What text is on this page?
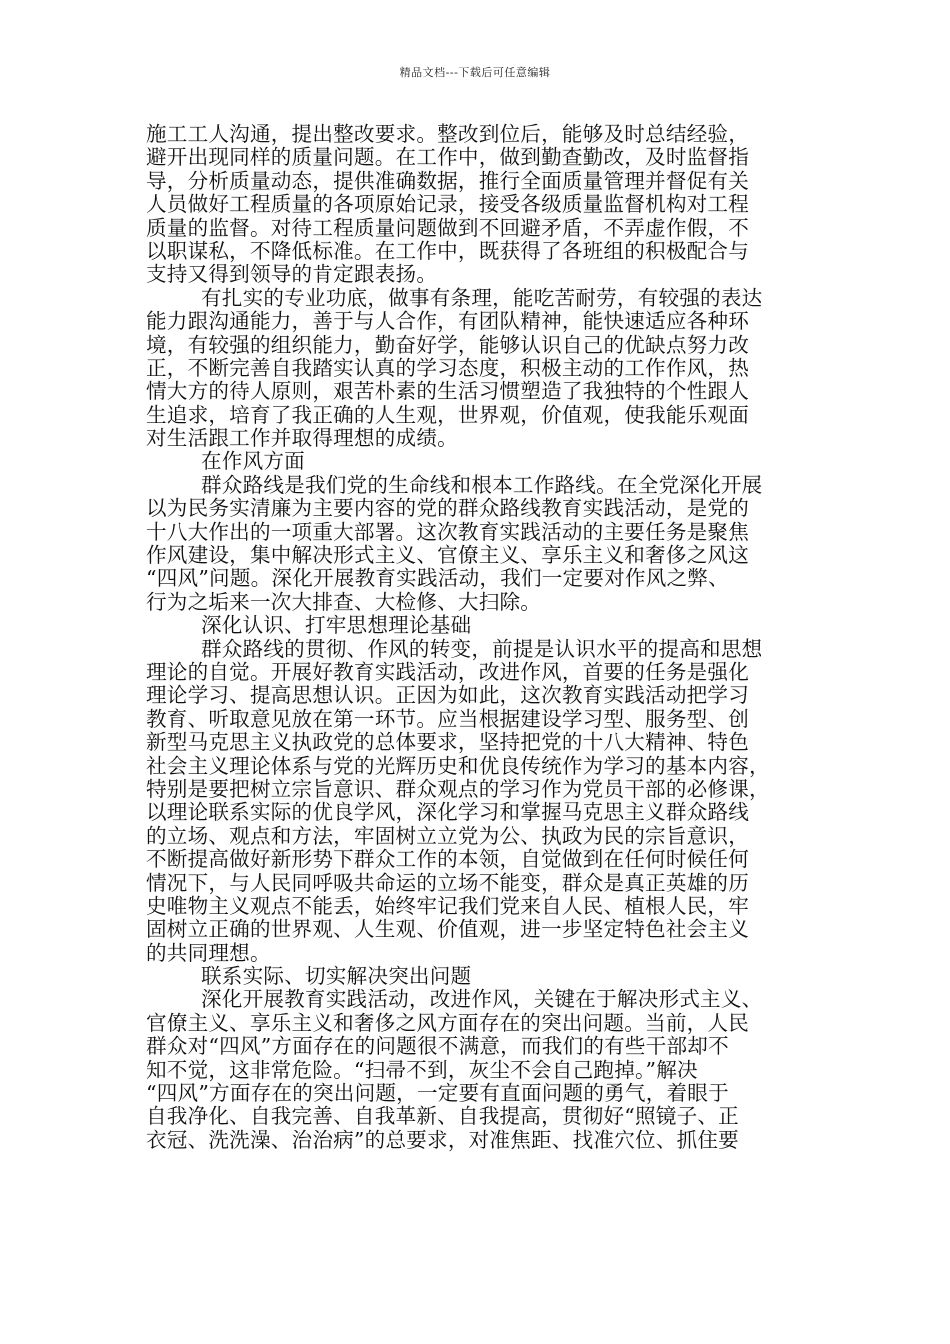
精品文档---下载后可任意编辑
施工工人沟通，提出整改要求。整改到位后，能够及时总结经验，
避开出现同样的质量问题。在工作中，做到勤查勤改，及时监督指
导，分析质量动态，提供准确数据，推行全面质量管理并督促有关
人员做好工程质量的各项原始记录，接受各级质量监督机构对工程
质量的监督。对待工程质量问题做到不回避矛盾，不弄虚作假，不
以职谋私，不降低标准。在工作中，既获得了各班组的积极配合与
支持又得到领导的肯定跟表扬。
有扎实的专业功底，做事有条理，能吃苦耐劳，有较强的表达
能力跟沟通能力，善于与人合作，有团队精神，能快速适应各种环
境，有较强的组织能力，勤奋好学，能够认识自己的优缺点努力改
正，不断完善自我踏实认真的学习态度，积极主动的工作作风，热
情大方的待人原则，艰苦朴素的生活习惯塑造了我独特的个性跟人
生追求，培育了我正确的人生观，世界观，价值观，使我能乐观面
对生活跟工作并取得理想的成绩。
在作风方面
群众路线是我们党的生命线和根本工作路线。在全党深化开展
以为民务实清廉为主要内容的党的群众路线教育实践活动，是党的
十八大作出的一项重大部署。这次教育实践活动的主要任务是聚焦
作风建设，集中解决形式主义、官僚主义、享乐主义和奢侈之风这
“四风”问题。深化开展教育实践活动，我们一定要对作风之弊、
行为之垢来一次大排查、大检修、大扫除。
深化认识、打牢思想理论基础
群众路线的贯彻、作风的转变，前提是认识水平的提高和思想
理论的自觉。开展好教育实践活动，改进作风，首要的任务是强化
理论学习、提高思想认识。正因为如此，这次教育实践活动把学习
教育、听取意见放在第一环节。应当根据建设学习型、服务型、创
新型马克思主义执政党的总体要求，坚持把党的十八大精神、特色
社会主义理论体系与党的光辉历史和优良传统作为学习的基本内容，
特别是要把树立宗旨意识、群众观点的学习作为党员干部的必修课，
以理论联系实际的优良学风，深化学习和掌握马克思主义群众路线
的立场、观点和方法，牢固树立立党为公、执政为民的宗旨意识，
不断提高做好新形势下群众工作的本领，自觉做到在任何时候任何
情况下，与人民同呼吸共命运的立场不能变，群众是真正英雄的历
史唯物主义观点不能丢，始终牢记我们党来自人民、植根人民，牢
固树立正确的世界观、人生观、价值观，进一步坚定特色社会主义
的共同理想。
联系实际、切实解决突出问题
深化开展教育实践活动，改进作风，关键在于解决形式主义、
官僚主义、享乐主义和奢侈之风方面存在的突出问题。当前，人民
群众对“四风”方面存在的问题很不满意，而我们的有些干部却不
知不觉，这非常危险。“扫帚不到，灰尘不会自己跑掉。”解决
“四风”方面存在的突出问题，一定要有直面问题的勇气，着眼于
自我净化、自我完善、自我革新、自我提高，贯彻好“照镜子、正
衣冠、洗洗澡、治治病”的总要求，对准焦距、找准穴位、抓住要
